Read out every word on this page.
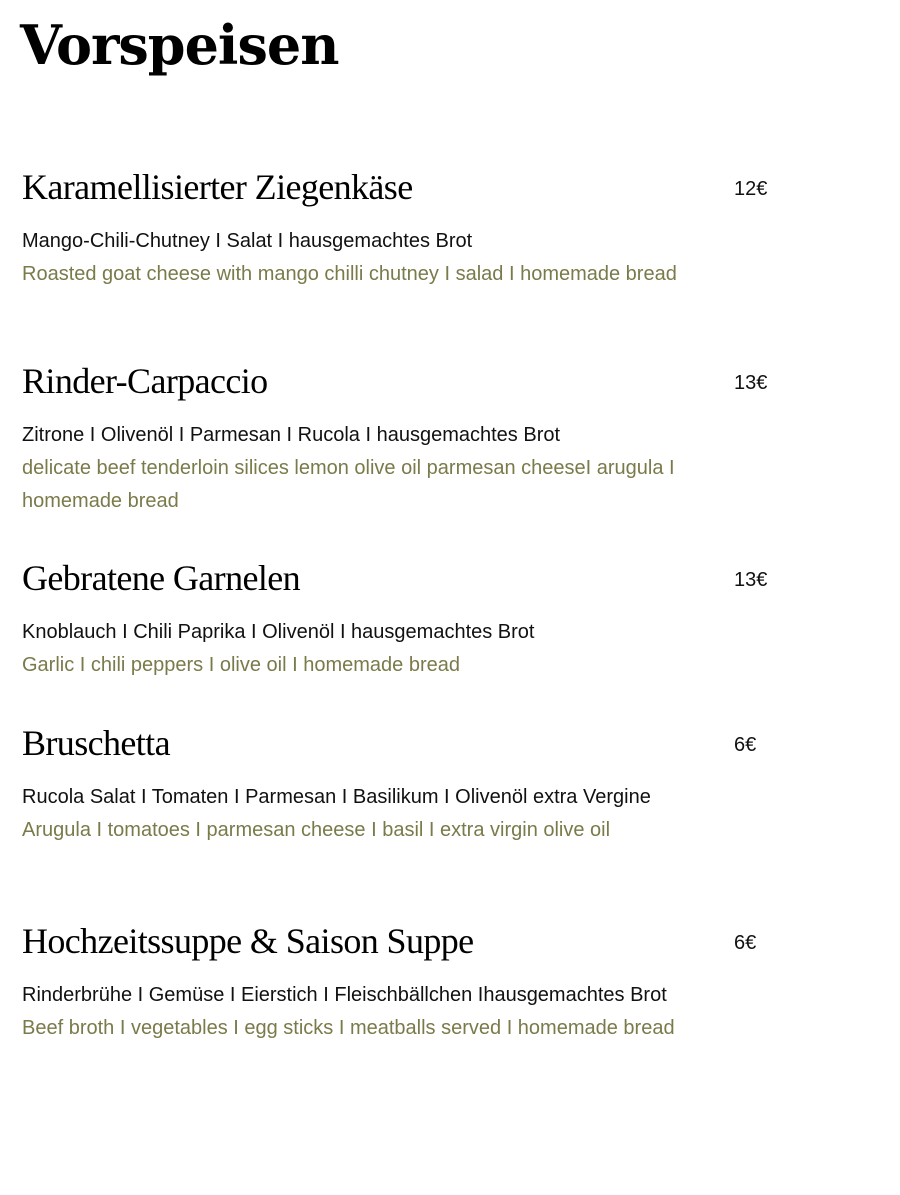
Vorspeisen
Karamellisierter Ziegenkäse	12€
Mango-Chili-Chutney I Salat I hausgemachtes Brot
Roasted goat cheese with mango chilli chutney I salad I homemade bread
Rinder-Carpaccio	13€
Zitrone I Olivenöl I Parmesan I Rucola I hausgemachtes Brot
delicate beef tenderloin silices lemon olive oil parmesan cheeseI arugula I homemade bread
Gebratene Garnelen	13€
Knoblauch I Chili Paprika I Olivenöl I hausgemachtes Brot
Garlic I chili peppers I olive oil I homemade bread
Bruschetta	6€
Rucola Salat I Tomaten I Parmesan I Basilikum I Olivenöl extra Vergine
Arugula I tomatoes I parmesan cheese I basil I extra virgin olive oil
Hochzeitssuppe & Saison Suppe	6€
Rinderbrühe I Gemüse I Eierstich I Fleischbällchen Ihausgemachtes Brot
Beef broth I vegetables I egg sticks I meatballs served I homemade bread
